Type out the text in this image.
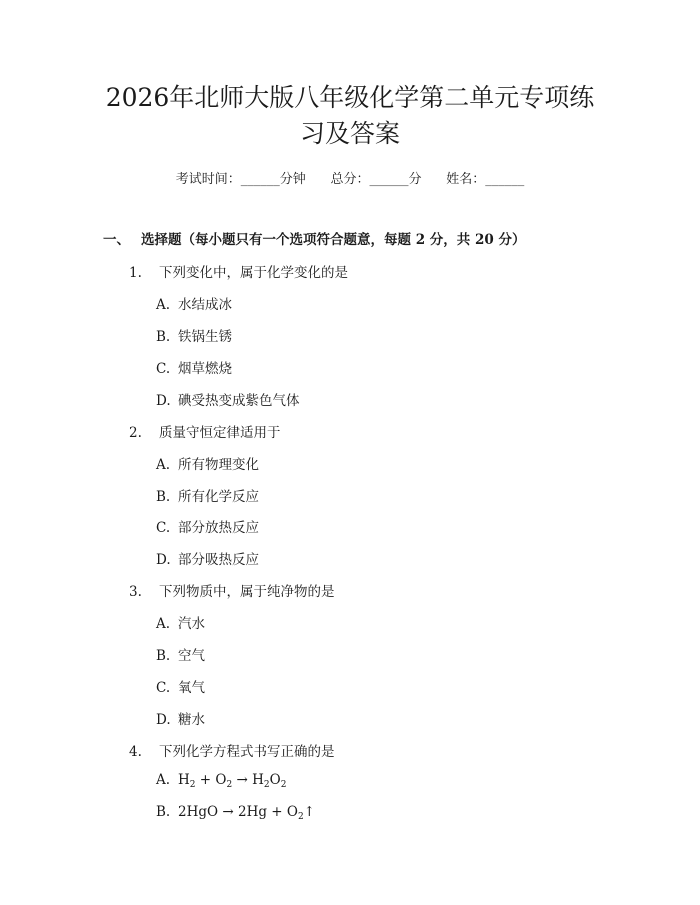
2026年北师大版八年级化学第二单元专项练
习及答案
考试时间：______分钟      总分：______分      姓名：______
一、 选择题（每小题只有一个选项符合题意，每题 2 分，共 20 分）
1. 下列变化中，属于化学变化的是
A. 水结成冰
B. 铁锅生锈
C. 烟草燃烧
D. 碘受热变成紫色气体
2. 质量守恒定律适用于
A. 所有物理变化
B. 所有化学反应
C. 部分放热反应
D. 部分吸热反应
3. 下列物质中，属于纯净物的是
A. 汽水
B. 空气
C. 氧气
D. 糖水
4. 下列化学方程式书写正确的是
A. $H_2 + O_2 \to H_2O_2$
B. $2HgO \to 2Hg + O_2↑$
